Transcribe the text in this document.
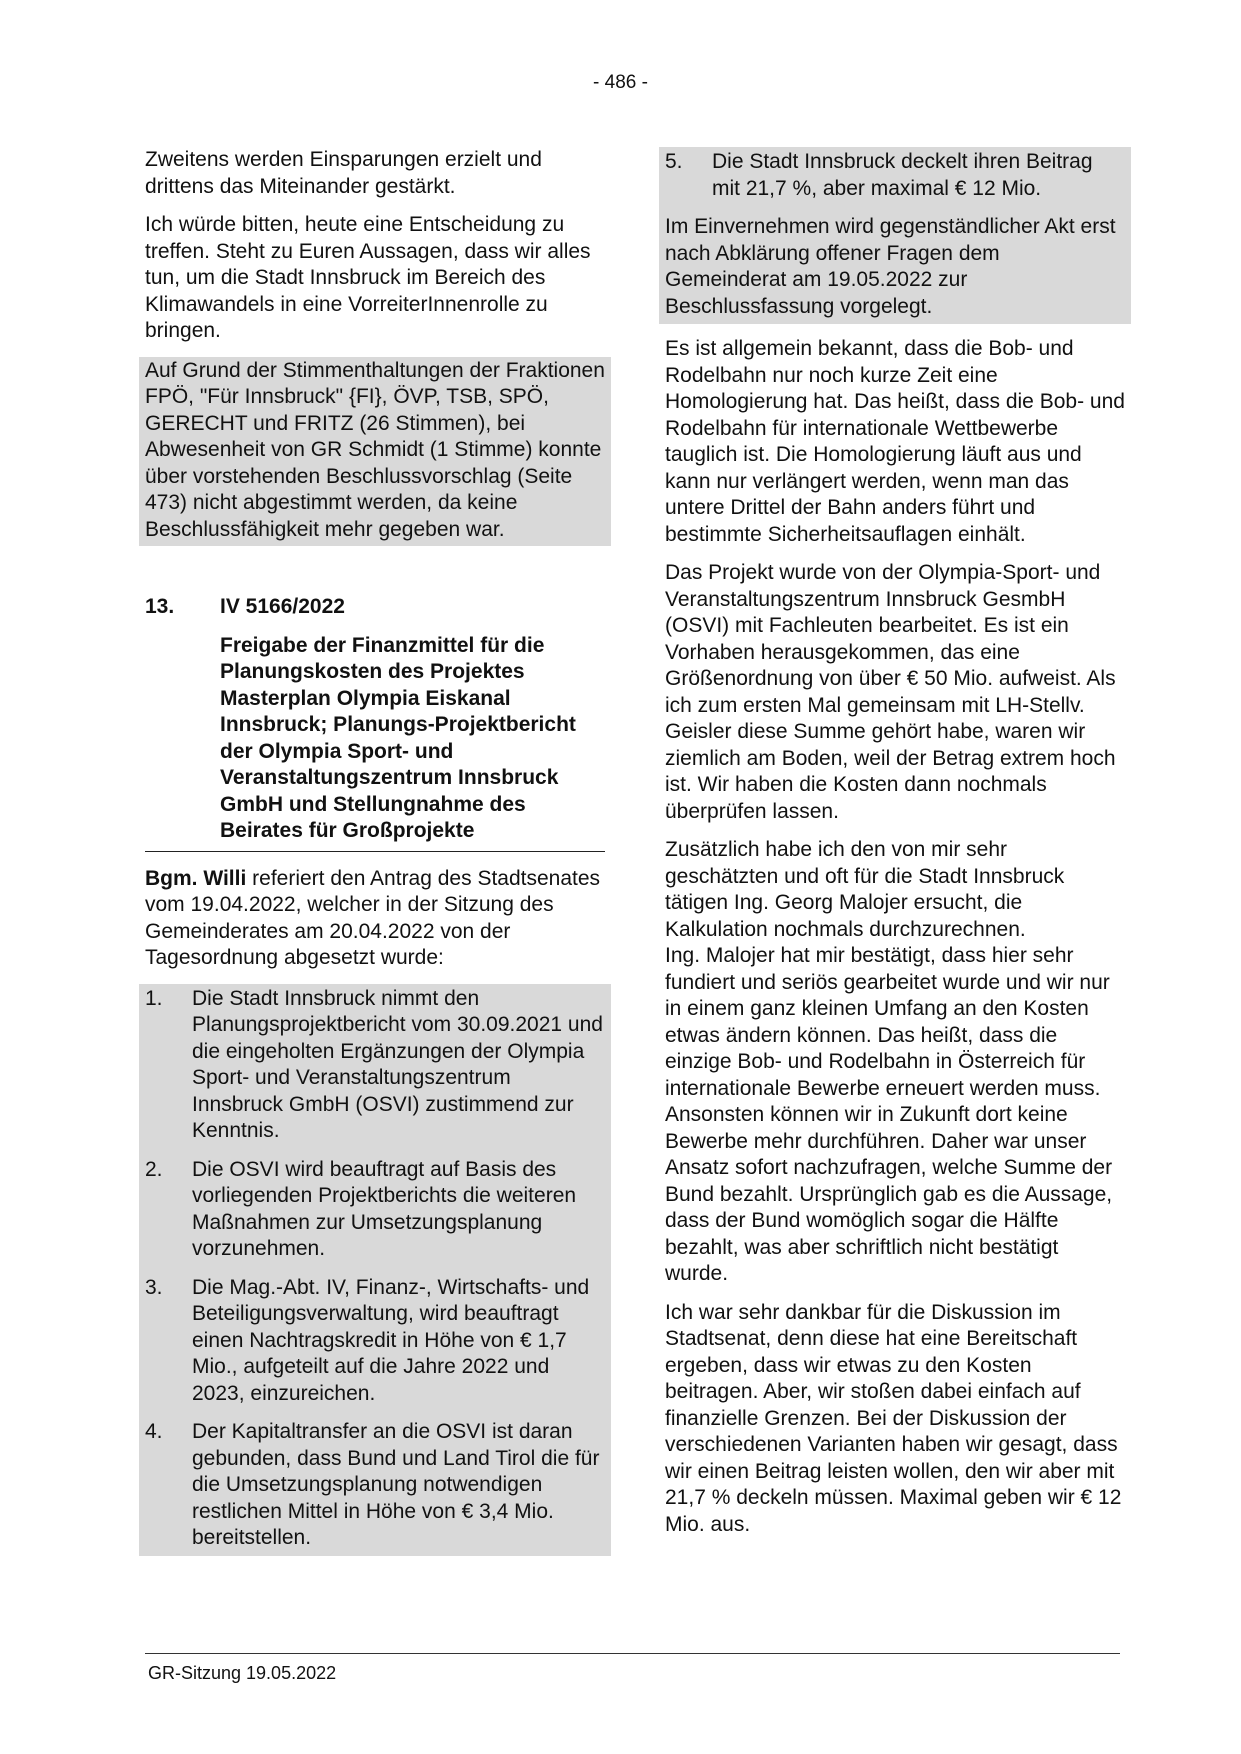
- 486 -

Zweitens werden Einsparungen erzielt und drittens das Miteinander gestärkt.

Ich würde bitten, heute eine Entscheidung zu treffen. Steht zu Euren Aussagen, dass wir alles tun, um die Stadt Innsbruck im Bereich des Klimawandels in eine VorreiterInnenrolle zu bringen.

Auf Grund der Stimmenthaltungen der Fraktionen FPÖ, "Für Innsbruck" {FI}, ÖVP, TSB, SPÖ, GERECHT und FRITZ (26 Stimmen), bei Abwesenheit von GR Schmidt (1 Stimme) konnte über vorstehenden Beschlussvorschlag (Seite 473) nicht abgestimmt werden, da keine Beschlussfähigkeit mehr gegeben war.

13.	IV 5166/2022
Freigabe der Finanzmittel für die Planungskosten des Projektes Masterplan Olympia Eiskanal Innsbruck; Planungs-Projektbericht der Olympia Sport- und Veranstaltungszentrum Innsbruck GmbH und Stellungnahme des Beirates für Großprojekte

Bgm. Willi referiert den Antrag des Stadtsenates vom 19.04.2022, welcher in der Sitzung des Gemeinderates am 20.04.2022 von der Tagesordnung abgesetzt wurde:

1.	Die Stadt Innsbruck nimmt den Planungsprojektbericht vom 30.09.2021 und die eingeholten Ergänzungen der Olympia Sport- und Veranstaltungszentrum Innsbruck GmbH (OSVI) zustimmend zur Kenntnis.
2.	Die OSVI wird beauftragt auf Basis des vorliegenden Projektberichts die weiteren Maßnahmen zur Umsetzungsplanung vorzunehmen.
3.	Die Mag.-Abt. IV, Finanz-, Wirtschafts- und Beteiligungsverwaltung, wird beauftragt einen Nachtragskredit in Höhe von € 1,7 Mio., aufgeteilt auf die Jahre 2022 und 2023, einzureichen.
4.	Der Kapitaltransfer an die OSVI ist daran gebunden, dass Bund und Land Tirol die für die Umsetzungsplanung notwendigen restlichen Mittel in Höhe von € 3,4 Mio. bereitstellen.
5.	Die Stadt Innsbruck deckelt ihren Beitrag mit 21,7 %, aber maximal € 12 Mio.

Im Einvernehmen wird gegenständlicher Akt erst nach Abklärung offener Fragen dem Gemeinderat am 19.05.2022 zur Beschlussfassung vorgelegt.

Es ist allgemein bekannt, dass die Bob- und Rodelbahn nur noch kurze Zeit eine Homologierung hat. Das heißt, dass die Bob- und Rodelbahn für internationale Wettbewerbe tauglich ist. Die Homologierung läuft aus und kann nur verlängert werden, wenn man das untere Drittel der Bahn anders führt und bestimmte Sicherheitsauflagen einhält.

Das Projekt wurde von der Olympia-Sport- und Veranstaltungszentrum Innsbruck GesmbH (OSVI) mit Fachleuten bearbeitet. Es ist ein Vorhaben herausgekommen, das eine Größenordnung von über € 50 Mio. aufweist. Als ich zum ersten Mal gemeinsam mit LH-Stellv. Geisler diese Summe gehört habe, waren wir ziemlich am Boden, weil der Betrag extrem hoch ist. Wir haben die Kosten dann nochmals überprüfen lassen.

Zusätzlich habe ich den von mir sehr geschätzten und oft für die Stadt Innsbruck tätigen Ing. Georg Malojer ersucht, die Kalkulation nochmals durchzurechnen.

Ing. Malojer hat mir bestätigt, dass hier sehr fundiert und seriös gearbeitet wurde und wir nur in einem ganz kleinen Umfang an den Kosten etwas ändern können. Das heißt, dass die einzige Bob- und Rodelbahn in Österreich für internationale Bewerbe erneuert werden muss. Ansonsten können wir in Zukunft dort keine Bewerbe mehr durchführen. Daher war unser Ansatz sofort nachzufragen, welche Summe der Bund bezahlt. Ursprünglich gab es die Aussage, dass der Bund womöglich sogar die Hälfte bezahlt, was aber schriftlich nicht bestätigt wurde.

Ich war sehr dankbar für die Diskussion im Stadtsenat, denn diese hat eine Bereitschaft ergeben, dass wir etwas zu den Kosten beitragen. Aber, wir stoßen dabei einfach auf finanzielle Grenzen. Bei der Diskussion der verschiedenen Varianten haben wir gesagt, dass wir einen Beitrag leisten wollen, den wir aber mit 21,7 % deckeln müssen. Maximal geben wir € 12 Mio. aus.

GR-Sitzung 19.05.2022
